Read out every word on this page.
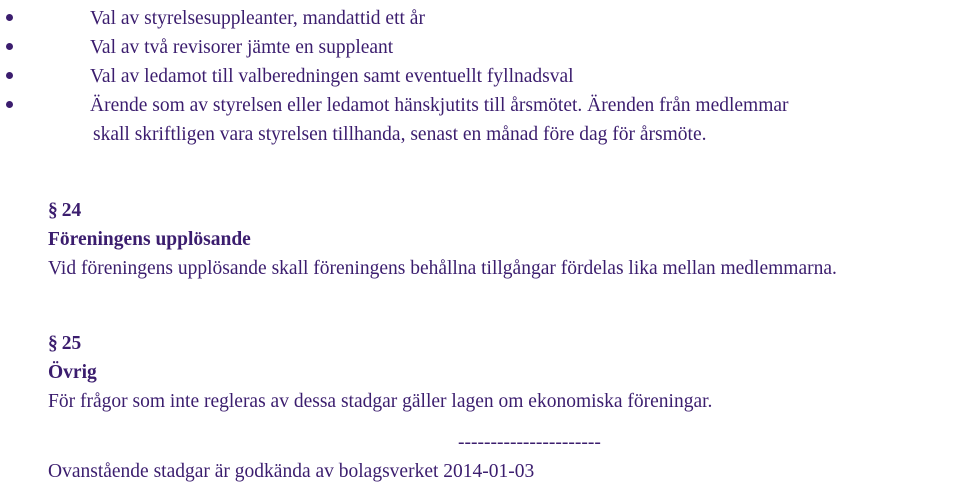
Val av styrelsesuppleanter, mandattid ett år
Val av två revisorer jämte en suppleant
Val av ledamot till valberedningen samt eventuellt fyllnadsval
Ärende som av styrelsen eller ledamot hänskjutits till årsmötet. Ärenden från medlemmar
skall skriftligen vara styrelsen tillhanda, senast en månad före dag för årsmöte.
§ 24
Föreningens upplösande
Vid föreningens upplösande skall föreningens behållna tillgångar fördelas lika mellan medlemmarna.
§ 25
Övrig
För frågor som inte regleras av dessa stadgar gäller lagen om ekonomiska föreningar.
----------------------
Ovanstående stadgar är godkända av bolagsverket 2014-01-03
